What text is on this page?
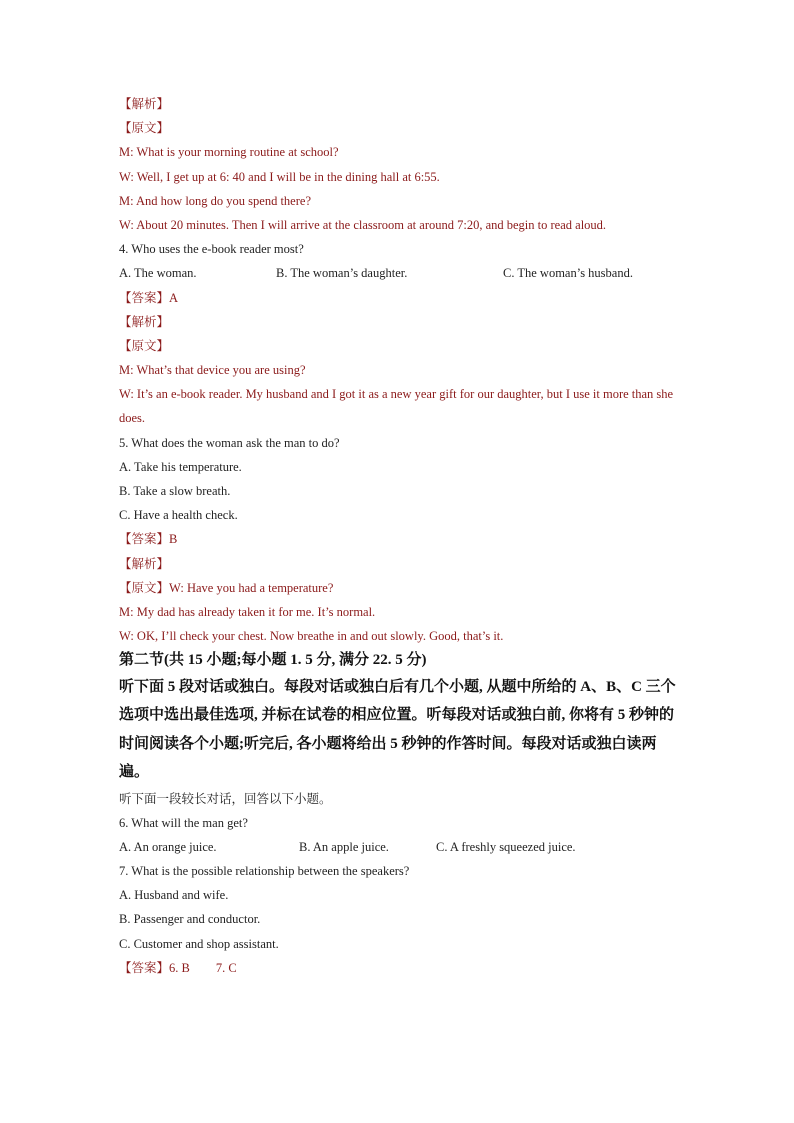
【解析】
【原文】
M: What is your morning routine at school?
W: Well, I get up at 6: 40 and I will be in the dining hall at 6:55.
M: And how long do you spend there?
W: About 20 minutes. Then I will arrive at the classroom at around 7:20, and begin to read aloud.
4. Who uses the e-book reader most?
A. The woman.	B. The woman’s daughter.	C. The woman’s husband.
【答案】A
【解析】
【原文】
M: What’s that device you are using?
W: It’s an e-book reader. My husband and I got it as a new year gift for our daughter, but I use it more than she does.
5. What does the woman ask the man to do?
A. Take his temperature.
B. Take a slow breath.
C. Have a health check.
【答案】B
【解析】
【原文】W: Have you had a temperature?
M: My dad has already taken it for me. It’s normal.
W: OK, I’ll check your chest. Now breathe in and out slowly. Good, that’s it.
第二节(共 15 小题;每小题 1. 5 分, 满分 22. 5 分)
听下面 5 段对话或独白。每段对话或独白后有几个小题, 从题中所给的 A、B、C 三个选项中选出最佳选项, 并标在试卷的相应位置。听每段对话或独白前, 你将有 5 秒钟的时间阅读各个小题;听完后, 各小题将给出 5 秒钟的作答时间。每段对话或独白读两遍。
听下面一段较长对话，回答以下小题。
6. What will the man get?
A. An orange juice.	B. An apple juice.	C. A freshly squeezed juice.
7. What is the possible relationship between the speakers?
A. Husband and wife.
B. Passenger and conductor.
C. Customer and shop assistant.
【答案】6. B 7. C
